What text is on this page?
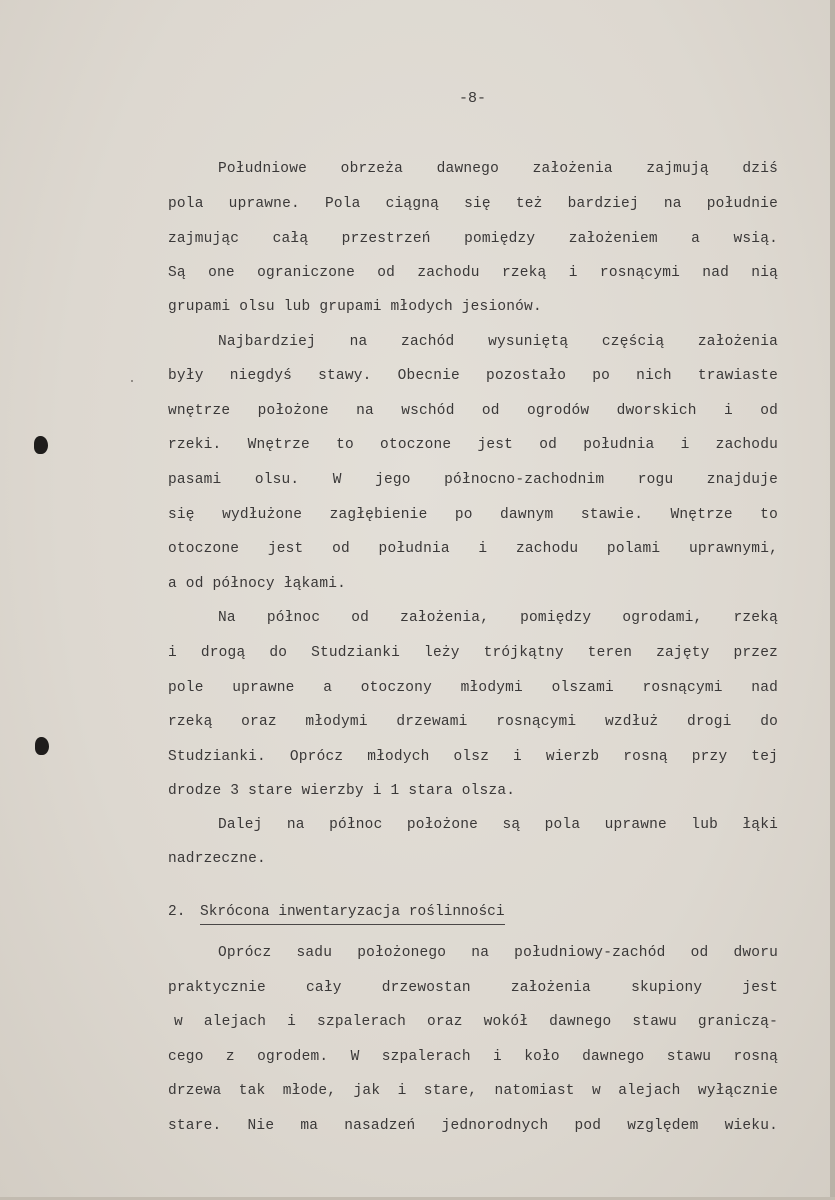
-8-
Południowe obrzeża dawnego założenia zajmują dziś
pola uprawne. Pola ciągną się też bardziej na południe
zajmując całą przestrzeń pomiędzy założeniem a wsią.
Są one ograniczone od zachodu rzeką i rosnącymi nad nią
grupami olsu lub grupami młodych jesionów.
Najbardziej na zachód wysuniętą częścią założenia
były niegdyś stawy. Obecnie pozostało po nich trawiaste
wnętrze położone na wschód od ogrodów dworskich i od
rzeki. Wnętrze to otoczone jest od południa i zachodu
pasami olsu. W jego północno-zachodnim rogu znajduje
się wydłużone zagłębienie po dawnym stawie. Wnętrze to
otoczone jest od południa i zachodu polami uprawnymi,
a od północy łąkami.
Na północ od założenia, pomiędzy ogrodami, rzeką
i drogą do Studzianki leży trójkątny teren zajęty przez
pole uprawne a otoczony młodymi olszami rosnącymi nad
rzeką oraz młodymi drzewami rosnącymi wzdłuż drogi do
Studzianki. Oprócz młodych olsz i wierzb rosną przy tej
drodze 3 stare wierzby i 1 stara olsza.
Dalej na północ położone są pola uprawne lub łąki
nadrzeczne.
2. Skrócona inwentaryzacja roślinności
Oprócz sadu położonego na południowy-zachód od dworu
praktycznie cały drzewostan założenia skupiony jest
w alejach i szpalerach oraz wokół dawnego stawu graniczą-
cego z ogrodem. W szpalerach i koło dawnego stawu rosną
drzewa tak młode, jak i stare, natomiast w alejach wyłącznie
stare. Nie ma nasadzeń jednorodnych pod względem wieku.
